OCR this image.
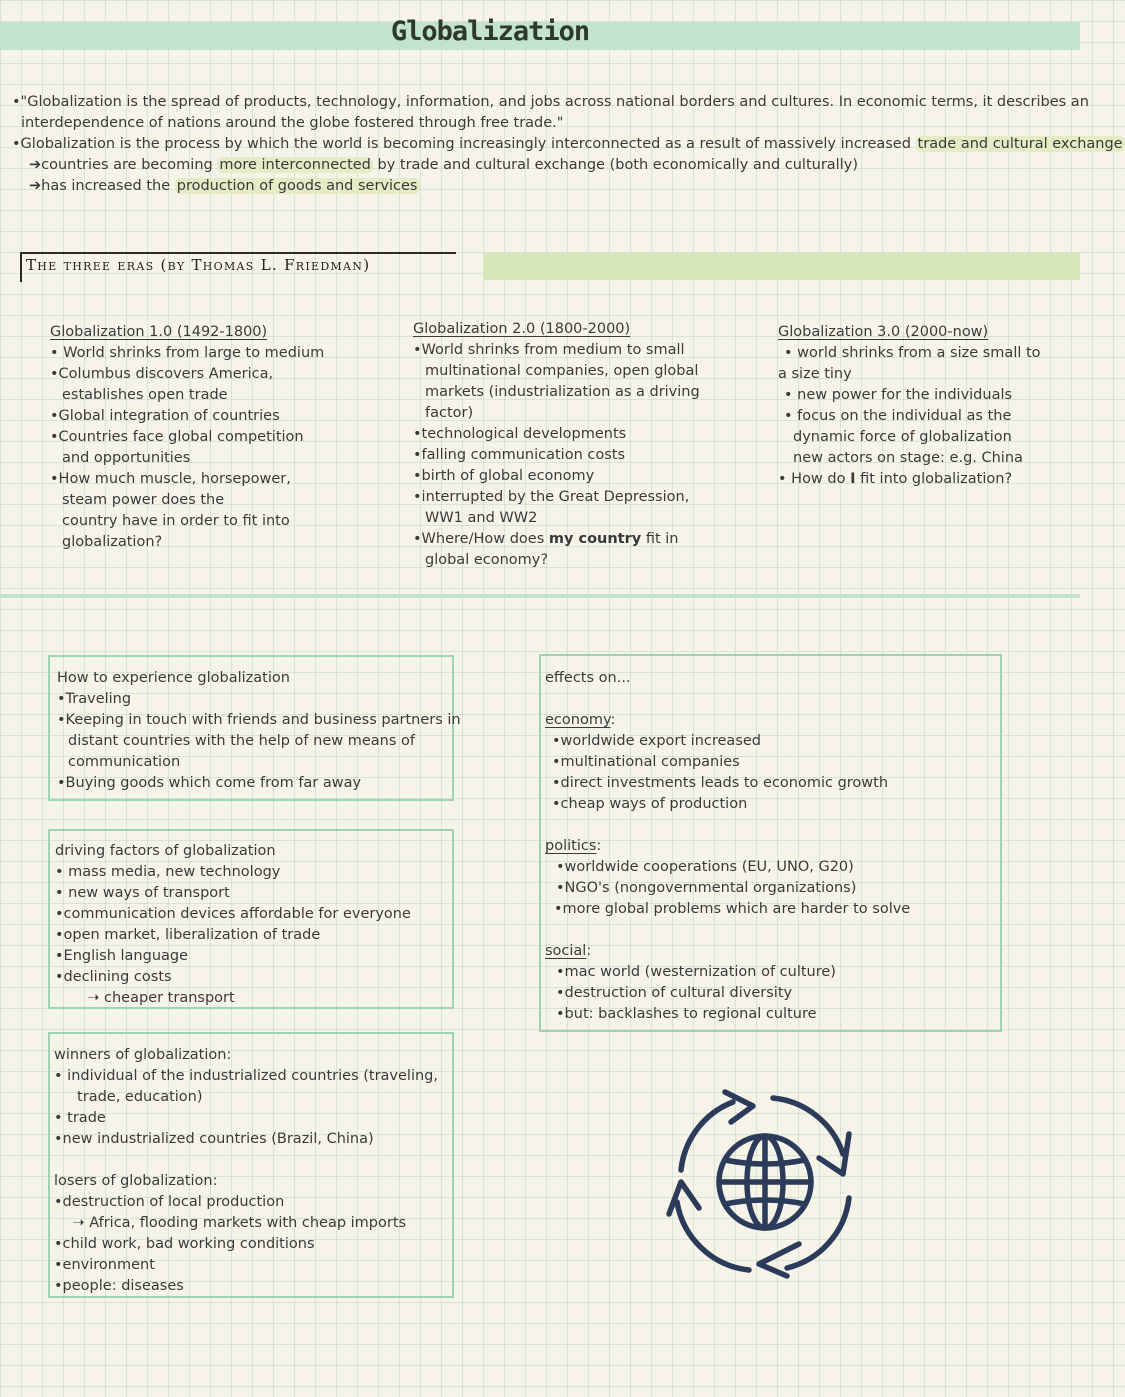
Globalization
•"Globalization is the spread of products, technology, information, and jobs across national borders and cultures. In economic terms, it describes an
interdependence of nations around the globe fostered through free trade."
•Globalization is the process by which the world is becoming increasingly interconnected as a result of massively increased trade and cultural exchange
➔countries are becoming more interconnected by trade and cultural exchange (both economically and culturally)
➔has increased the production of goods and services
The three eras (by Thomas L. Friedman)
Globalization 1.0 (1492-1800)
• World shrinks from large to medium
•Columbus discovers America,
establishes open trade
•Global integration of countries
•Countries face global competition
and opportunities
•How much muscle, horsepower,
steam power does the
country have in order to fit into
globalization?
Globalization 2.0 (1800-2000)
•World shrinks from medium to small
multinational companies, open global
markets (industrialization as a driving
factor)
•technological developments
•falling communication costs
•birth of global economy
•interrupted by the Great Depression,
WW1 and WW2
•Where/How does my country fit in
global economy?
Globalization 3.0 (2000-now)
• world shrinks from a size small to
a size tiny
• new power for the individuals
• focus on the individual as the
dynamic force of globalization
new actors on stage: e.g. China
• How do I fit into globalization?
How to experience globalization
•Traveling
•Keeping in touch with friends and business partners in
distant countries with the help of new means of
communication
•Buying goods which come from far away
driving factors of globalization
• mass media, new technology
• new ways of transport
•communication devices affordable for everyone
•open market, liberalization of trade
•English language
•declining costs
➝ cheaper transport
winners of globalization:
• individual of the industrialized countries (traveling,
trade, education)
• trade
•new industrialized countries (Brazil, China)
losers of globalization:
•destruction of local production
➝ Africa, flooding markets with cheap imports
•child work, bad working conditions
•environment
•people: diseases
effects on...
economy:
•worldwide export increased
•multinational companies
•direct investments leads to economic growth
•cheap ways of production
politics:
•worldwide cooperations (EU, UNO, G20)
•NGO's (nongovernmental organizations)
•more global problems which are harder to solve
social:
•mac world (westernization of culture)
•destruction of cultural diversity
•but: backlashes to regional culture
